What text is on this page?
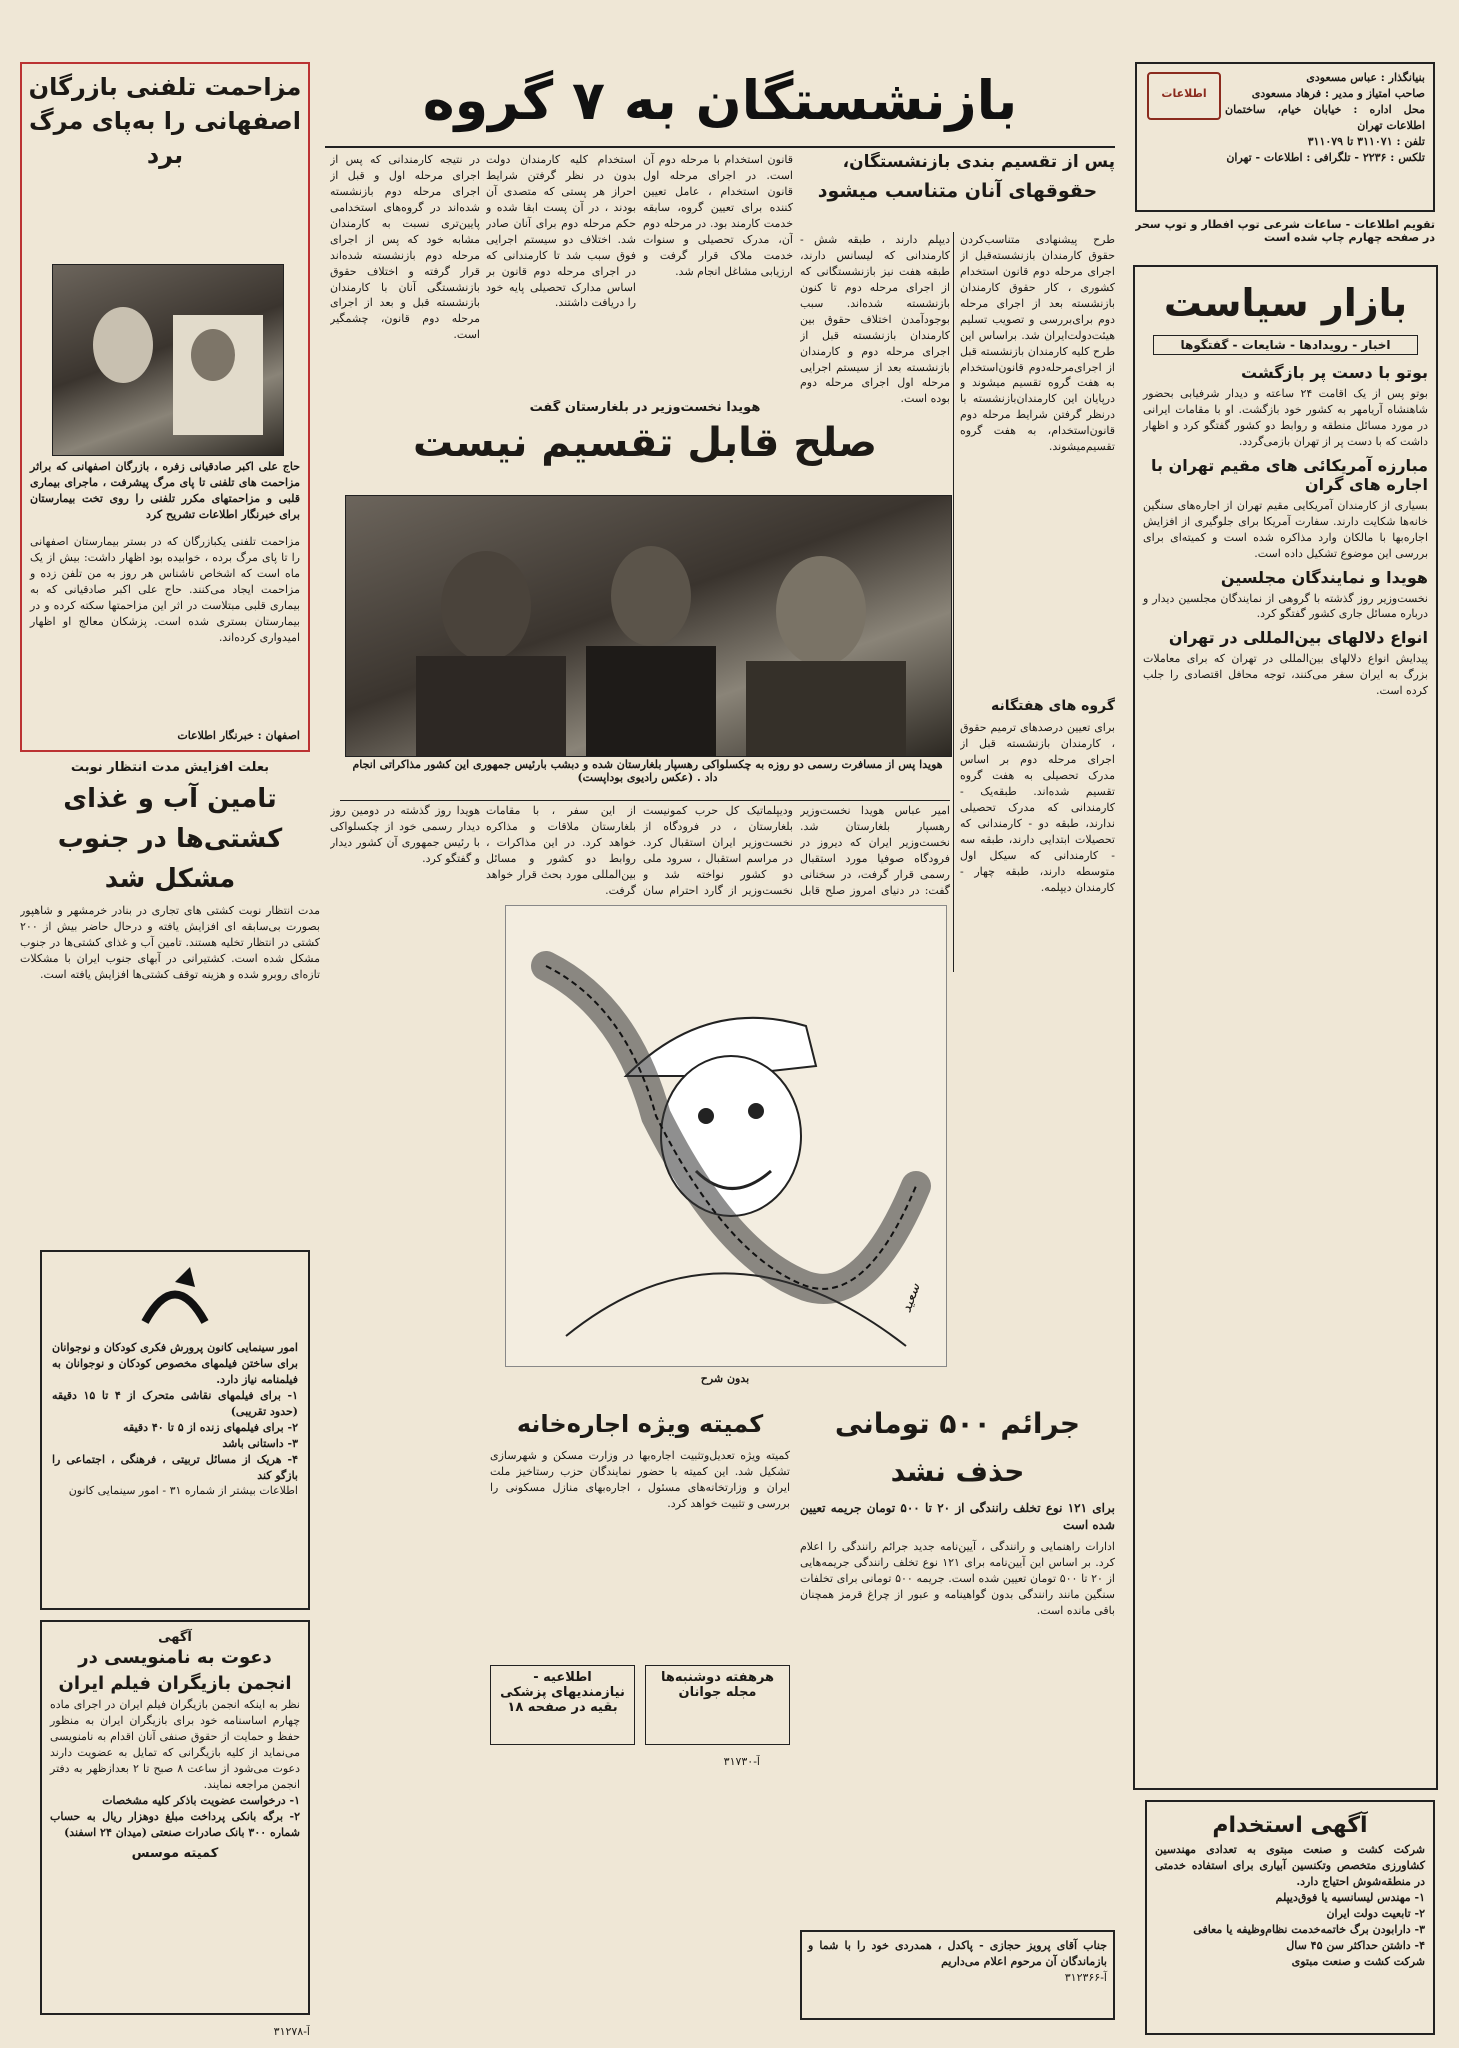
اطلاعات
بنیانگذار : عباس مسعودی
صاحب امتیاز و مدیر : فرهاد مسعودی
محل اداره : خیابان خیام، ساختمان اطلاعات تهران
تلفن : ۳۱۱۰۷۱ تا ۳۱۱۰۷۹
تلکس : ۲۲۳۶ - تلگرافی : اطلاعات - تهران
تقویم اطلاعات - ساعات شرعی توپ افطار و توپ سحر در صفحه چهارم چاپ شده است
بازنشستگان به ۷ گروه
پس از تقسیم بندی بازنشستگان،
حقوقهای آنان متناسب میشود

طرح پیشنهادی متناسب‌کردن حقوق کارمندان بازنشسته‌قبل از اجرای مرحله دوم قانون استخدام کشوری ، کار حقوق کارمندان بازنشسته بعد از اجرای مرحله دوم برای‌بررسی و تصویب تسلیم هیئت‌دولت‌ایران شد. براساس این طرح کلیه کارمندان بازنشسته قبل از اجرای‌مرحله‌دوم قانون‌استخدام به هفت گروه تقسیم میشوند و درپایان این کارمندان‌بازنشسته با درنظر گرفتن شرایط مرحله دوم قانون‌استخدام، به هفت گروه تقسیم‌میشوند.

دیپلم دارند ، طبقه شش - کارمندانی که لیسانس دارند، طبقه هفت نیز بازنشستگانی که از اجرای مرحله دوم‌ تا‌ کنون بازنشسته شده‌اند. سبب بوجودآمدن اختلاف حقوق بین کارمندان بازنشسته قبل از اجرای مرحله دوم و کارمندان بازنشسته بعد از سیستم اجرایی مرحله اول اجرای مرحله دوم بوده است.

قانون استخدام با مرحله دوم آن است. در اجرای مرحله اول قانون استخدام ، عامل تعیین کننده برای تعیین گروه، سابقه خدمت کارمند بود. در مرحله دوم آن، مدرک تحصیلی و سنوات خدمت ملاک قرار گرفت و ارزیابی مشاغل انجام شد.

استخدام کلیه کارمندان دولت بدون در نظر گرفتن شرایط احراز هر پستی که متصدی آن بودند ، در آن پست ابقا شده و حکم مرحله دوم برای آنان صادر شد. اختلاف دو سیستم اجرایی فوق سبب شد تا کارمندانی که در اجرای مرحله دوم قانون بر اساس مدارک تحصیلی پایه خود را دریافت داشتند.

در نتیجه کارمندانی که پس از اجرای مرحله اول و قبل از اجرای مرحله دوم بازنشسته شده‌اند در گروه‌های استخدامی پایین‌تری نسبت به کارمندان مشابه خود که پس از اجرای مرحله دوم بازنشسته شده‌اند قرار گرفته و اختلاف حقوق بازنشستگی آنان با کارمندان بازنشسته قبل و بعد از اجرای مرحله دوم قانون، چشمگیر است.

گروه های هفتگانه

برای تعیین درصدهای ترمیم حقوق ، کارمندان بازنشسته قبل از اجرای مرحله دوم بر اساس مدرک تحصیلی به هفت گروه تقسیم شده‌اند. طبقه‌یک - کارمندانی که مدرک تحصیلی ندارند، طبقه دو - کارمندانی که تحصیلات ابتدایی دارند، طبقه سه - کارمندانی که سیکل اول متوسطه دارند، طبقه چهار - کارمندان دیپلمه.

هویدا نخست‌وزیر در بلغارستان گفت
صلح قابل تقسیم نیست
هویدا پس از مسافرت رسمی دو روزه به چکسلواکی رهسپار بلغارستان شده و دبشب بارئیس جمهوری این کشور مذاکراتی انجام داد . (عکس رادیوی بوداپست)

امیر عباس هویدا نخست‌وزیر رهسپار بلغارستان شد. نخست‌وزیر ایران که دیروز در فرودگاه صوفیا مورد استقبال رسمی قرار گرفت، در سخنانی گفت: در دنیای امروز صلح قابل

ودیپلماتیک کل حرب کمونیست بلغارستان ، در فرودگاه از نخست‌وزیر ایران استقبال کرد. در مراسم استقبال ، سرود ملی دو کشور نواخته شد و نخست‌وزیر از گارد احترام سان

از این سفر ، با مقامات بلغارستان ملاقات و مذاکره خواهد کرد. در این مذاکرات ، روابط دو کشور و مسائل بین‌المللی مورد بحث قرار خواهد گرفت.

هویدا روز گذشته در دومین روز دیدار رسمی خود از چکسلواکی با رئیس جمهوری آن کشور دیدار و گفتگو کرد.

سعید
بدون شرح
جرائم ۵۰۰ تومانی حذف نشد
برای ۱۲۱ نوع تخلف رانندگی از ۲۰ تا ۵۰۰ تومان جریمه تعیین شده است
ادارات راهنمایی و رانندگی ، آیین‌نامه جدید جرائم رانندگی را اعلام کرد. بر اساس این آیین‌نامه برای ۱۲۱ نوع تخلف رانندگی جریمه‌هایی از ۲۰ تا ۵۰۰ تومان تعیین شده است. جریمه ۵۰۰ تومانی برای تخلفات سنگین مانند رانندگی بدون گواهینامه و عبور از چراغ قرمز همچنان باقی مانده است.
کمیته ویژه اجاره‌خانه
کمیته ویژه تعدیل‌وتثبیت اجاره‌بها در وزارت مسکن و شهرسازی تشکیل شد. این کمیته با حضور نمایندگان حزب رستاخیز ملت ایران و وزارتخانه‌های مسئول ، اجاره‌بهای منازل مسکونی را بررسی و تثبیت خواهد کرد.
اطلاعیه - نیازمندیهای پزشکی بقیه در صفحه ۱۸
هرهفته دوشنبه‌ها مجله جوانان
مزاحمت تلفنی بازرگان اصفهانی را به‌پای مرگ برد
حاج علی اکبر صادقیانی زفره ، بازرگان اصفهانی که براثر مزاحمت های تلفنی تا پای مرگ پیشرفت ، ماجرای بیماری قلبی و مزاحمتهای مکرر تلفنی را روی تخت بیمارستان برای خبرنگار اطلاعات تشریح کرد
مزاحمت تلفنی یکبازرگان که در بستر بیمارستان اصفهانی را تا پای مرگ برده ، خوابیده بود اظهار داشت: بیش از یک ماه است که اشخاص ناشناس هر روز به من تلفن زده و مزاحمت ایجاد می‌کنند. حاج علی اکبر صادقیانی که به بیماری قلبی مبتلاست در اثر این مزاحمتها سکته کرده و در بیمارستان بستری شده است. پزشکان معالج او اظهار امیدواری کرده‌اند.
اصفهان : خبرنگار اطلاعات
بعلت افزایش مدت انتظار نوبت
تامین آب و غذای کشتی‌ها در جنوب مشکل شد
مدت انتظار نوبت کشتی های تجاری در بنادر خرمشهر و شاهپور بصورت بی‌سابقه ای افزایش یافته و درحال حاضر بیش از ۲۰۰ کشتی در انتظار تخلیه هستند. تامین آب و غذای کشتی‌ها در جنوب مشکل شده است. کشتیرانی در آبهای جنوب ایران با مشکلات تازه‌ای روبرو شده و هزینه توقف کشتی‌ها افزایش یافته است.
امور سینمایی کانون پرورش فکری کودکان و نوجوانان برای ساختن فیلمهای مخصوص کودکان و نوجوانان به فیلمنامه نیاز دارد.
۱- برای فیلمهای نقاشی متحرک از ۴ تا ۱۵ دقیقه (حدود تقریبی)
۲- برای فیلمهای زنده از ۵ تا ۴۰ دقیقه
۳- داستانی باشد
۴- هریک از مسائل تربیتی ، فرهنگی ، اجتماعی را بازگو کند
اطلاعات بیشتر از شماره ۳۱ - امور سینمایی کانون
آگهی
دعوت به نامنویسی در انجمن بازیگران فیلم ایران
نظر به اینکه انجمن بازیگران فیلم ایران در اجرای ماده چهارم اساسنامه خود برای بازیگران ایران به منظور حفظ و حمایت از حقوق صنفی آنان اقدام به نامنویسی می‌نماید از کلیه بازیگرانی که تمایل به عضویت دارند دعوت می‌شود از ساعت ۸ صبح تا ۲ بعدازظهر به دفتر انجمن مراجعه نمایند.
۱- درخواست عضویت باذکر کلیه مشخصات
۲- برگه بانکی پرداخت مبلغ دوهزار ریال به حساب شماره ۳۰۰ بانک صادرات صنعتی (میدان ۲۴ اسفند)
کمیته موسس
بازار سیاست
اخبار - رویدادها - شایعات - گفتگوها
بوتو با دست پر بازگشت
بوتو پس از یک اقامت ۲۴ ساعته و دیدار شرفیابی بحضور شاهنشاه آریامهر به کشور خود بازگشت. او با مقامات ایرانی در مورد مسائل منطقه و روابط دو کشور گفتگو کرد و اظهار داشت که با دست پر از تهران بازمی‌گردد.
مبارزه آمریکائی های مقیم تهران با اجاره های گران
بسیاری از کارمندان آمریکایی مقیم تهران از اجاره‌های سنگین خانه‌ها شکایت دارند. سفارت آمریکا برای جلوگیری از افزایش اجاره‌بها با مالکان وارد مذاکره شده است و کمیته‌ای برای بررسی این موضوع تشکیل داده است.
هویدا و نمایندگان مجلسین
نخست‌وزیر روز گذشته با گروهی از نمایندگان مجلسین دیدار و درباره مسائل جاری کشور گفتگو کرد.
انواع دلالهای بین‌المللی در تهران
پیدایش انواع دلالهای بین‌المللی در تهران که برای معاملات بزرگ به ایران سفر می‌کنند، توجه محافل اقتصادی را جلب کرده است.
آگهی استخدام
شرکت کشت و صنعت مبتوی به تعدادی مهندسین کشاورزی متخصص وتکنسین آبیاری برای استفاده خدمتی در منطقه‌شوش احتیاج دارد.
۱- مهندس لیسانسیه یا فوق‌دیپلم
۲- تابعیت دولت ایران
۳- دارابودن برگ خاتمه‌خدمت نظام‌وظیفه یا معافی
۴- داشتن حداکثر سن ۴۵ سال
شرکت کشت و صنعت مبتوی
جناب آقای پرویز حجازی - پاکدل ، همدردی خود را با شما و بازماندگان آن مرحوم اعلام می‌داریم
آ-۳۱۲۳۶۶
آ-۳۱۷۳۰
آ-۳۱۲۷۸
